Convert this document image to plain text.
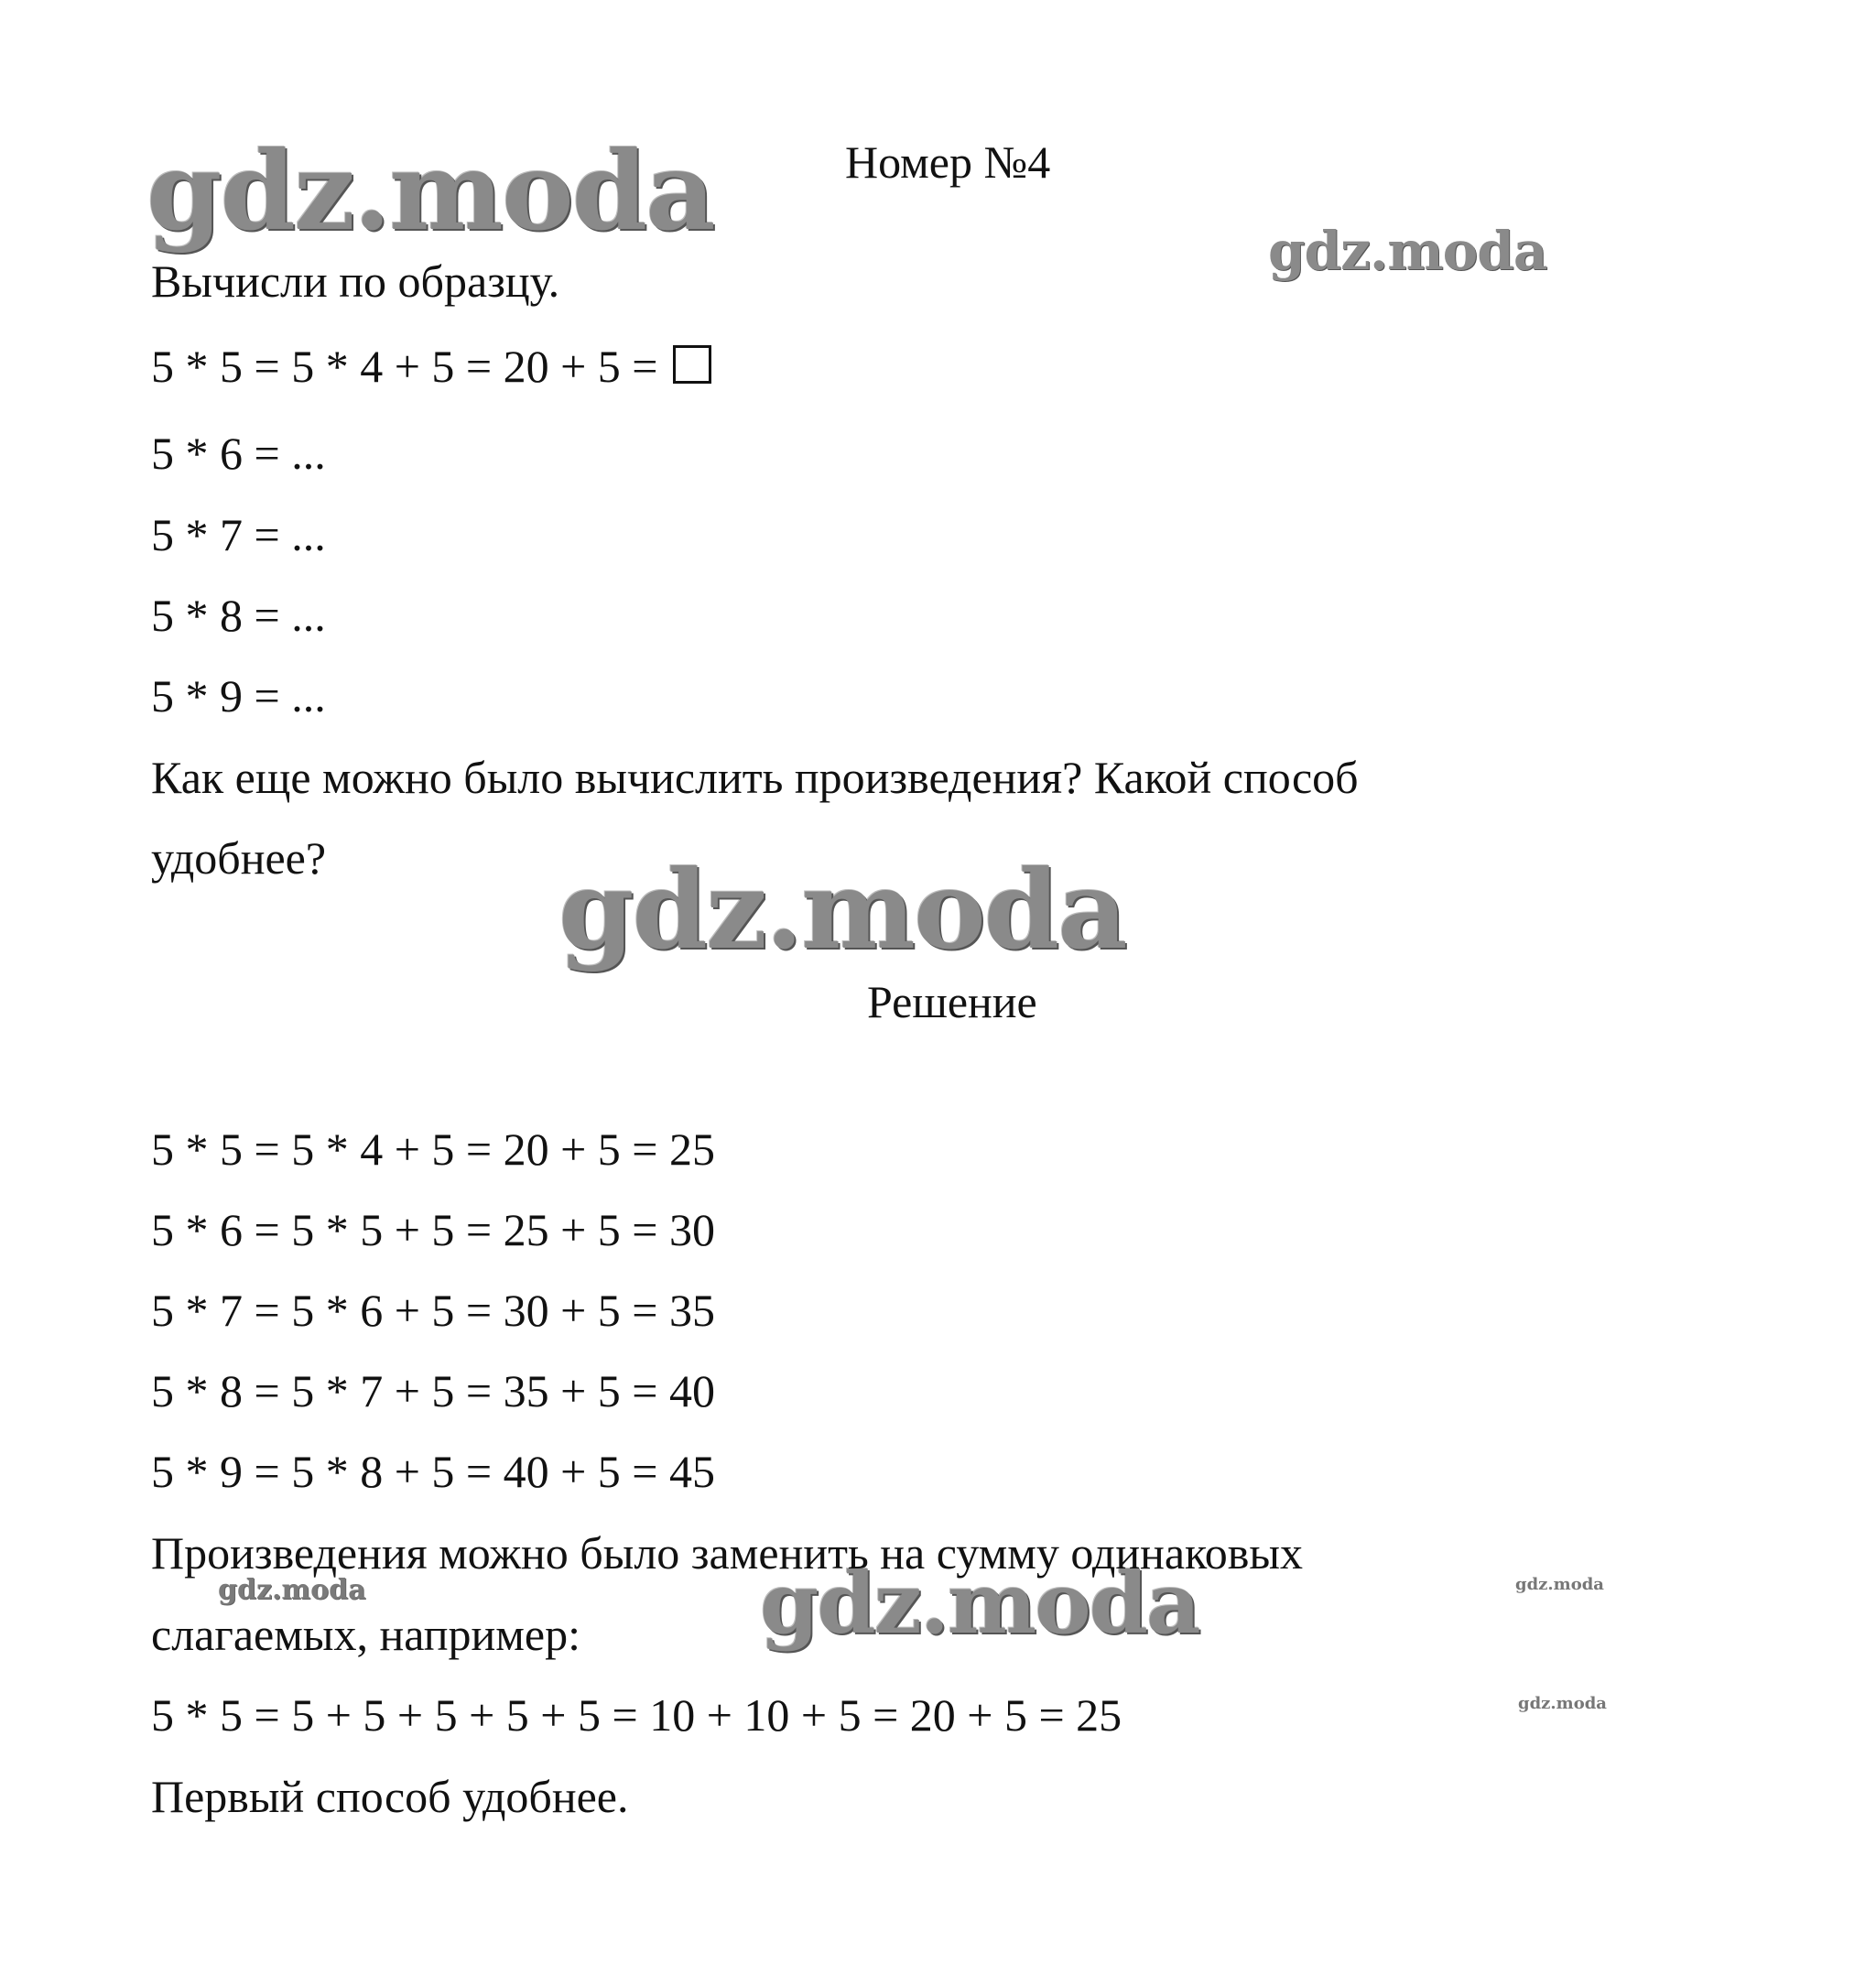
gdz.moda	gdz.moda
gdz.moda
gdz.moda
gdz.moda	gdz.moda
gdz.moda
Номер №4
Вычисли по образцу.
5 * 5 = 5 * 4 + 5 = 20 + 5 =
5 * 6 = ...
5 * 7 = ...
5 * 8 = ...
5 * 9 = ...
Как еще можно было вычислить произведения? Какой способ
удобнее?
Решение
5 * 5 = 5 * 4 + 5 = 20 + 5 = 25
5 * 6 = 5 * 5 + 5 = 25 + 5 = 30
5 * 7 = 5 * 6 + 5 = 30 + 5 = 35
5 * 8 = 5 * 7 + 5 = 35 + 5 = 40
5 * 9 = 5 * 8 + 5 = 40 + 5 = 45
Произведения можно было заменить на сумму одинаковых
слагаемых, например:
5 * 5 = 5 + 5 + 5 + 5 + 5 = 10 + 10 + 5 = 20 + 5 = 25
Первый способ удобнее.
